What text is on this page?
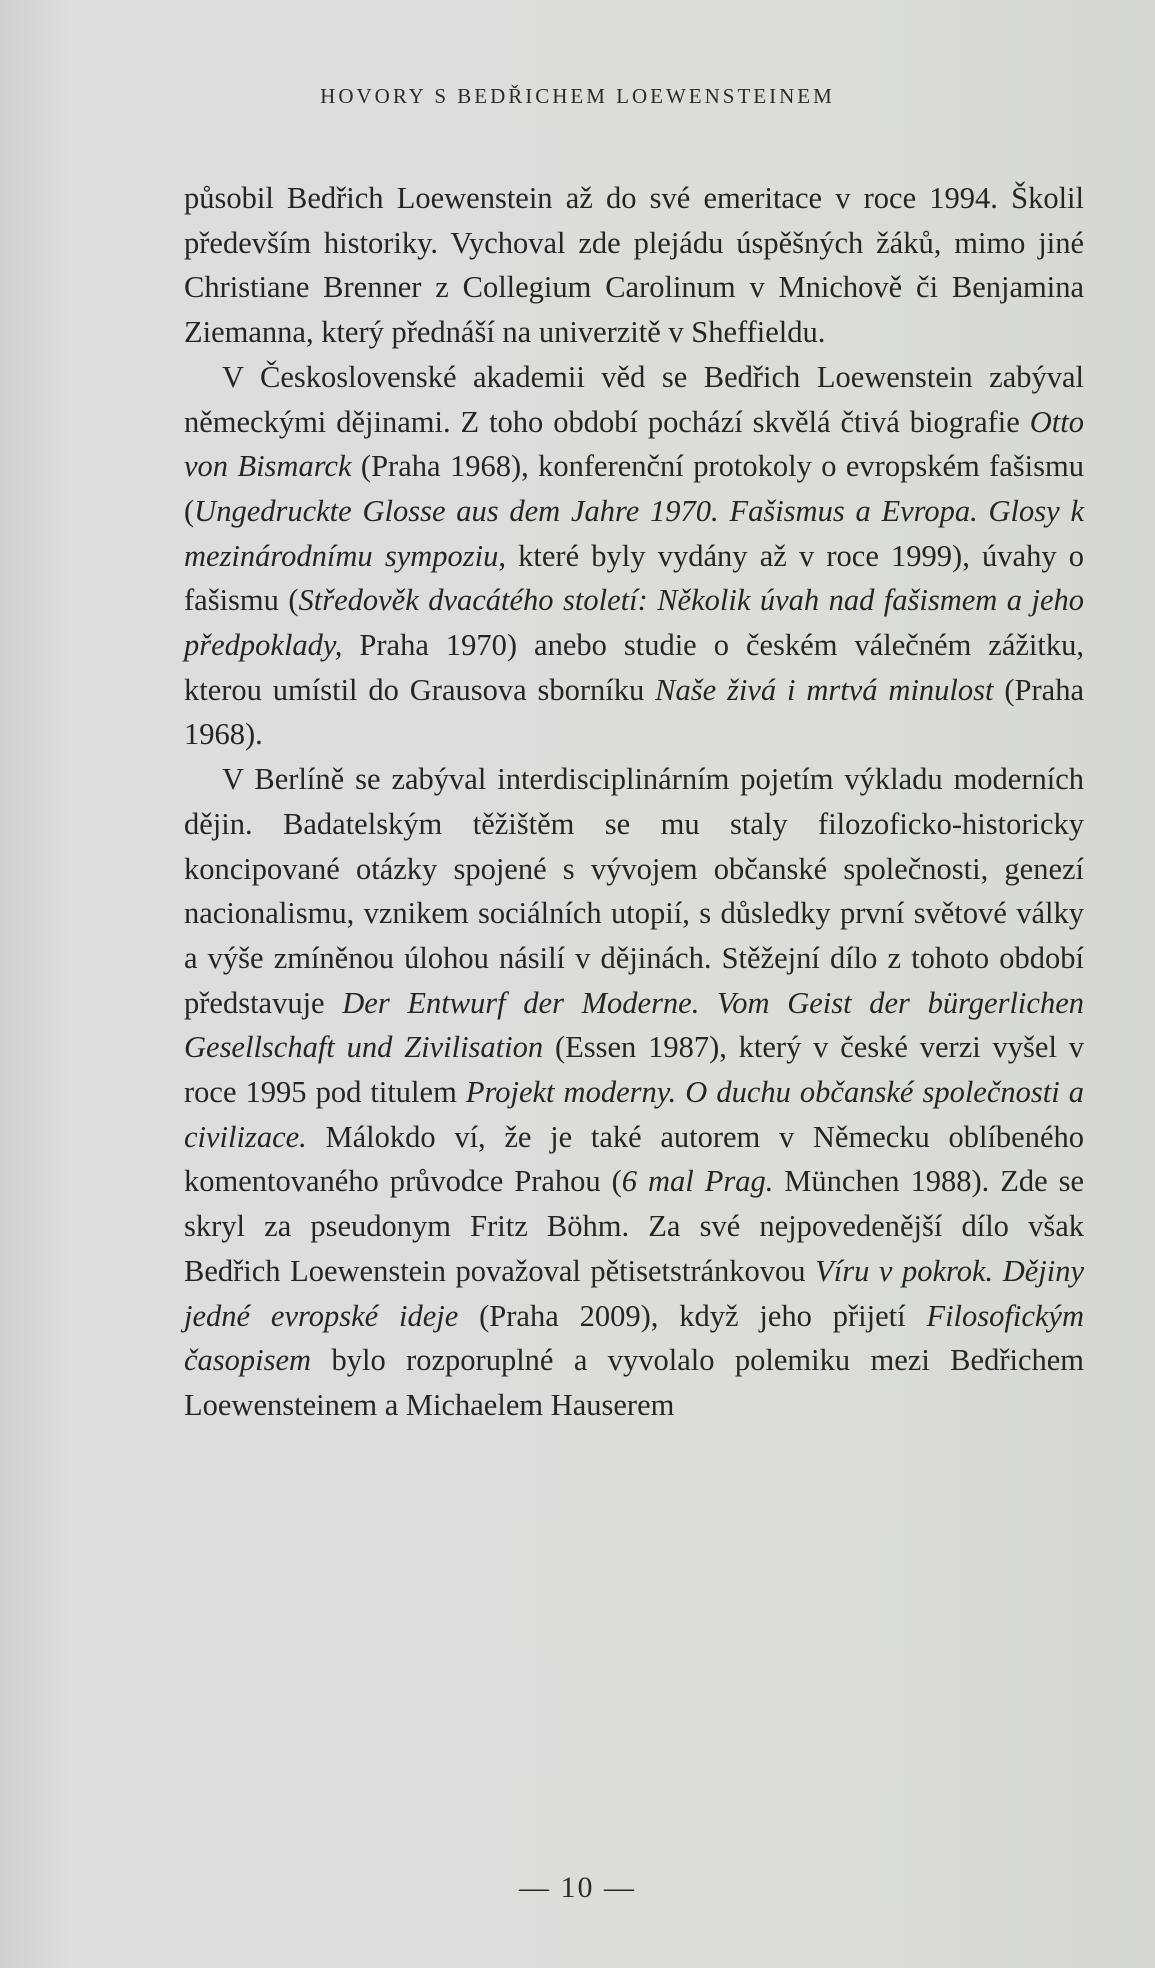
HOVORY S BEDŘICHEM LOEWENSTEINEM

působil Bedřich Loewenstein až do své emeritace v roce 1994. Školil především historiky. Vychoval zde plejádu úspěšných žáků, mimo jiné Christiane Brenner z Collegium Carolinum v Mnichově či Benjamina Ziemanna, který přednáší na univerzitě v Sheffieldu.

V Československé akademii věd se Bedřich Loewenstein zabýval německými dějinami. Z toho období pochází skvělá čtivá biografie Otto von Bismarck (Praha 1968), konferenční protokoly o evropském fašismu (Ungedruckte Glosse aus dem Jahre 1970. Fašismus a Evropa. Glosy k mezinárodnímu sympoziu, které byly vydány až v roce 1999), úvahy o fašismu (Středověk dvacátého století: Několik úvah nad fašismem a jeho předpoklady, Praha 1970) anebo studie o českém válečném zážitku, kterou umístil do Grausova sborníku Naše živá i mrtvá minulost (Praha 1968).

V Berlíně se zabýval interdisciplinárním pojetím výkladu moderních dějin. Badatelským těžištěm se mu staly filozoficko-historicky koncipované otázky spojené s vývojem občanské společnosti, genezí nacionalismu, vznikem sociálních utopií, s důsledky první světové války a výše zmíněnou úlohou násilí v dějinách. Stěžejní dílo z tohoto období představuje Der Entwurf der Moderne. Vom Geist der bürgerlichen Gesellschaft und Zivilisation (Essen 1987), který v české verzi vyšel v roce 1995 pod titulem Projekt moderny. O duchu občanské společnosti a civilizace. Málokdo ví, že je také autorem v Německu oblíbeného komentovaného průvodce Prahou (6 mal Prag. München 1988). Zde se skryl za pseudonym Fritz Böhm. Za své nejpovedenější dílo však Bedřich Loewenstein považoval pětisetstránkovou Víru v pokrok. Dějiny jedné evropské ideje (Praha 2009), když jeho přijetí Filosofickým časopisem bylo rozporuplné a vyvolalo polemiku mezi Bedřichem Loewensteinem a Michaelem Hauserem

— 10 —
